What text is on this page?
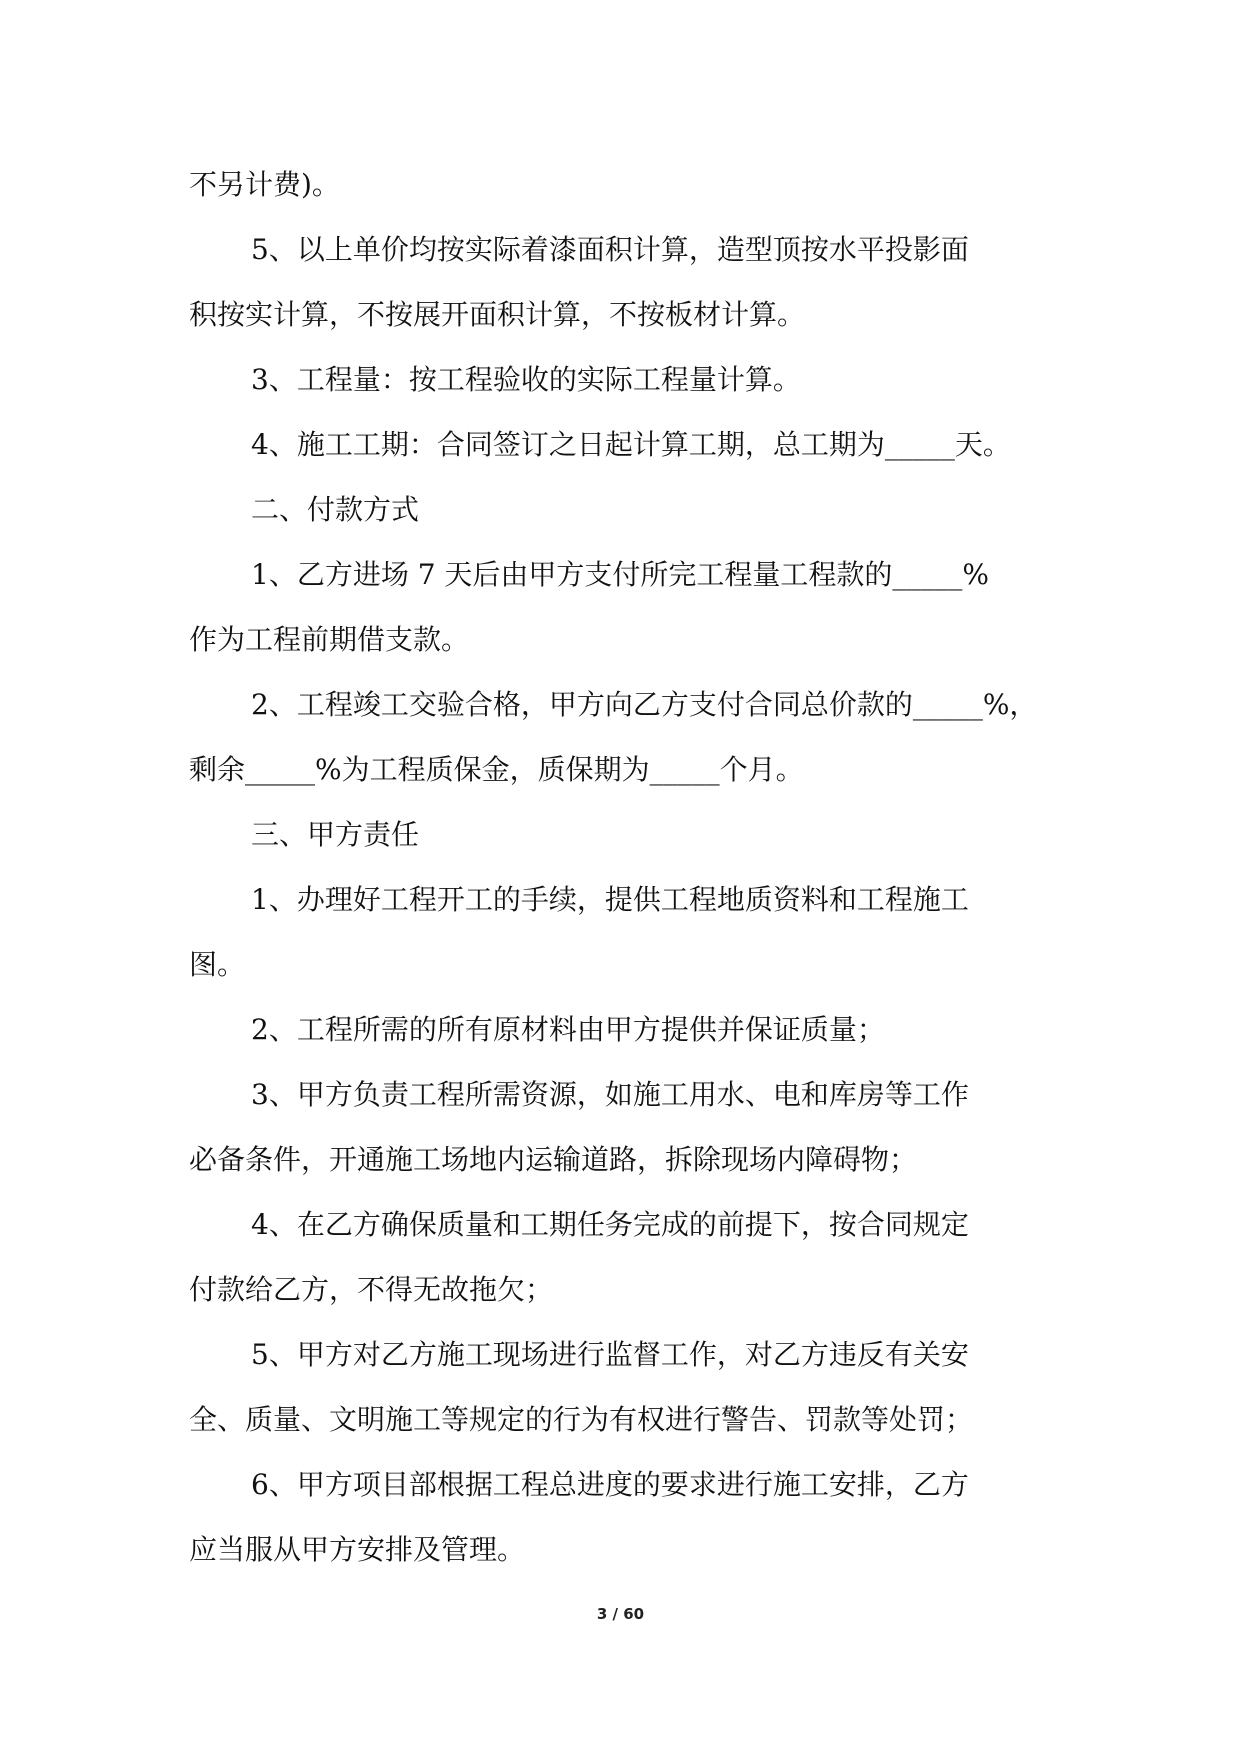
不另计费)。
5、以上单价均按实际着漆面积计算，造型顶按水平投影面
积按实计算，不按展开面积计算，不按板材计算。
3、工程量：按工程验收的实际工程量计算。
4、施工工期：合同签订之日起计算工期，总工期为_____天。
二、付款方式
1、乙方进场 7 天后由甲方支付所完工程量工程款的_____%
作为工程前期借支款。
2、工程竣工交验合格，甲方向乙方支付合同总价款的_____%，
剩余_____%为工程质保金，质保期为_____个月。
三、甲方责任
1、办理好工程开工的手续，提供工程地质资料和工程施工
图。
2、工程所需的所有原材料由甲方提供并保证质量；
3、甲方负责工程所需资源，如施工用水、电和库房等工作
必备条件，开通施工场地内运输道路，拆除现场内障碍物；
4、在乙方确保质量和工期任务完成的前提下，按合同规定
付款给乙方，不得无故拖欠；
5、甲方对乙方施工现场进行监督工作，对乙方违反有关安
全、质量、文明施工等规定的行为有权进行警告、罚款等处罚；
6、甲方项目部根据工程总进度的要求进行施工安排，乙方
应当服从甲方安排及管理。
3 / 60
